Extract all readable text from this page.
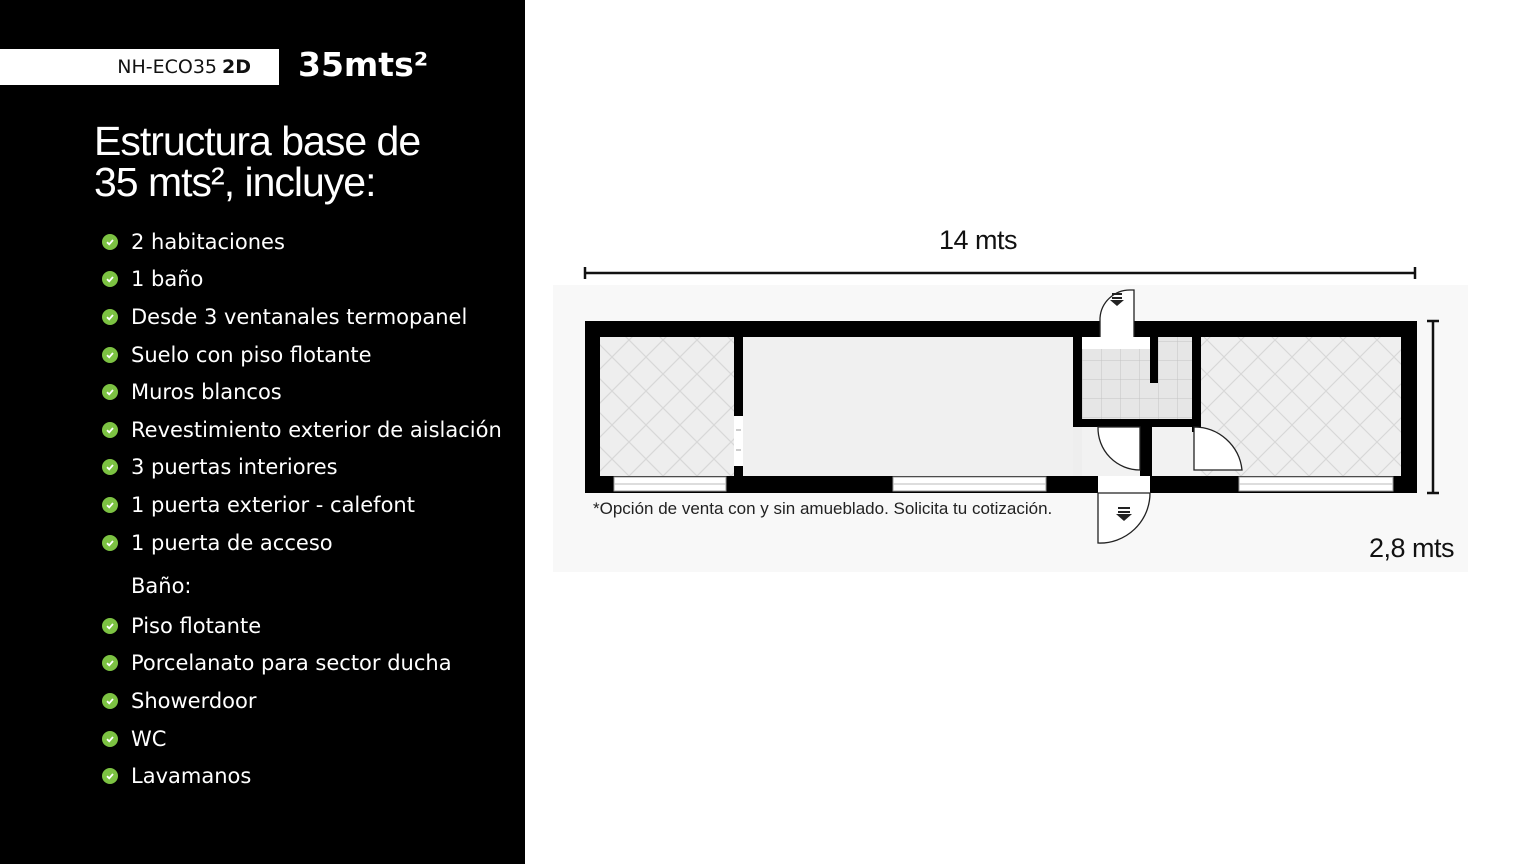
NH-ECO35 2D 35mts²

Estructura base de

35 mts², incluye:

2 habitaciones
1 baño
Desde 3 ventanales termopanel
Suelo con piso flotante
Muros blancos
Revestimiento exterior de aislación
3 puertas interiores
1 puerta exterior - calefont
1 puerta de acceso
Baño:
Piso flotante
Porcelanato para sector ducha
Showerdoor
WC
Lavamanos
14 mts
2,8 mts
*Opción de venta con y sin amueblado. Solicita tu cotización.
